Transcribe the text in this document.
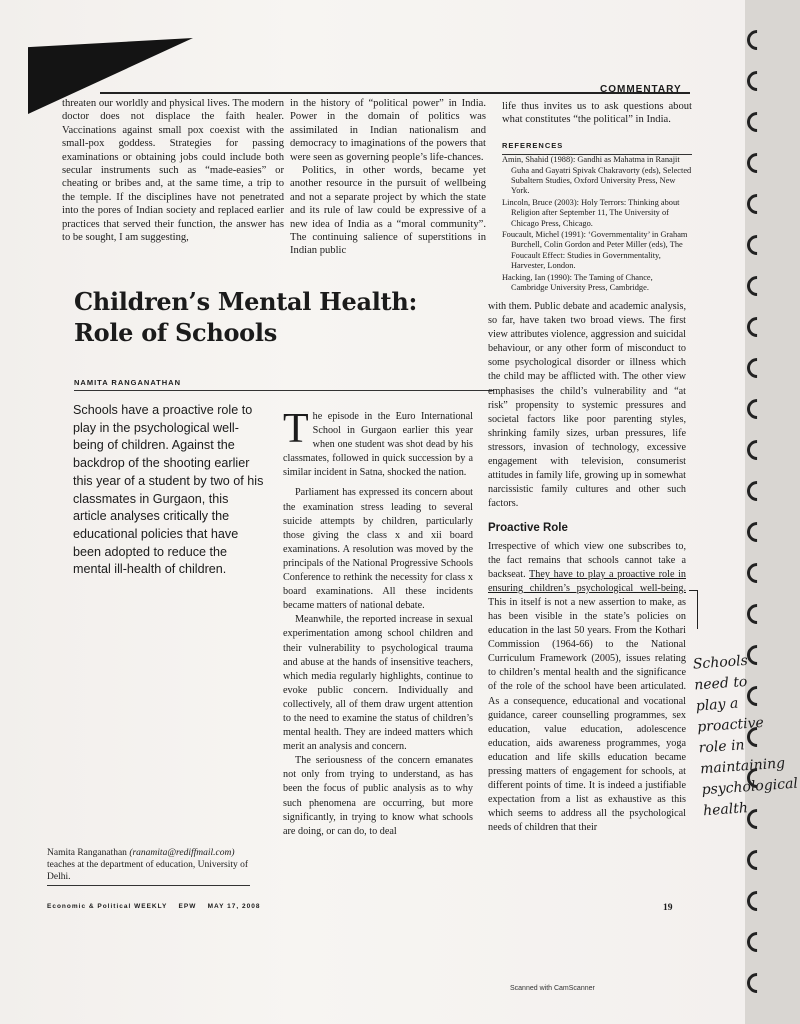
COMMENTARY

threaten our worldly and physical lives. The modern doctor does not displace the faith healer. Vaccinations against small pox coexist with the small-pox goddess. Strategies for passing examinations or obtaining jobs could include both secular instruments such as “made-easies” or cheating or bribes and, at the same time, a trip to the temple. If the disciplines have not penetrated into the pores of Indian society and replaced earlier practices that served their function, the answer has to be sought, I am suggesting,

in the history of “political power” in India. Power in the domain of politics was assimilated in Indian nationalism and democracy to imaginations of the powers that were seen as governing people’s life-chances.

Politics, in other words, became yet another resource in the pursuit of wellbeing and not a separate project by which the state and its rule of law could be expressive of a new idea of India as a “moral community”. The continuing salience of superstitions in Indian public

life thus invites us to ask questions about what constitutes “the political” in India.

REFERENCES

Amin, Shahid (1988): Gandhi as Mahatma in Ranajit Guha and Gayatri Spivak Chakravorty (eds), Selected Subaltern Studies, Oxford University Press, New York.

Lincoln, Bruce (2003): Holy Terrors: Thinking about Religion after September 11, The University of Chicago Press, Chicago.

Foucault, Michel (1991): ‘Governmentality’ in Graham Burchell, Colin Gordon and Peter Miller (eds), The Foucault Effect: Studies in Governmentality, Harvester, London.

Hacking, Ian (1990): The Taming of Chance, Cambridge University Press, Cambridge.

Children’s Mental Health:
Role of Schools
NAMITA RANGANATHAN
Schools have a proactive role to play in the psychological well-being of children. Against the backdrop of the shooting earlier this year of a student by two of his classmates in Gurgaon, this article analyses critically the educational policies that have been adopted to reduce the mental ill-health of children.

The episode in the Euro International School in Gurgaon earlier this year when one student was shot dead by his classmates, followed in quick succession by a similar incident in Satna, shocked the nation.

Parliament has expressed its concern about the examination stress leading to several suicide attempts by children, particularly those giving the class x and xii board examinations. A resolution was moved by the principals of the National Progressive Schools Conference to rethink the necessity for class x board examinations. All these incidents became matters of national debate.

Meanwhile, the reported increase in sexual experimentation among school children and their vulnerability to psychological trauma and abuse at the hands of insensitive teachers, which media regularly highlights, continue to evoke public concern. Individually and collectively, all of them draw urgent attention to the need to examine the status of children’s mental health. They are indeed matters which merit an analysis and concern.

The seriousness of the concern emanates not only from trying to understand, as has been the focus of public analysis as to why such phenomena are occurring, but more significantly, in trying to know what schools are doing, or can do, to deal

with them. Public debate and academic analysis, so far, have taken two broad views. The first view attributes violence, aggression and suicidal behaviour, or any other form of misconduct to some psychological disorder or illness which the child may be afflicted with. The other view emphasises the child’s vulnerability and “at risk” propensity to systemic pressures and societal factors like poor parenting styles, shrinking family sizes, urban pressures, life stressors, invasion of technology, excessive engagement with television, consumerist attitudes in family life, growing up in somewhat narcissistic family cultures and other such factors.

Proactive Role

Irrespective of which view one subscribes to, the fact remains that schools cannot take a backseat. They have to play a proactive role in ensuring children’s psychological well-being. This in itself is not a new assertion to make, as has been visible in the state’s policies on education in the last 50 years. From the Kothari Commission (1964-66) to the National Curriculum Framework (2005), issues relating to children’s mental health and the significance of the role of the school have been articulated. As a consequence, educational and vocational guidance, career counselling programmes, sex education, value education, adolescence education, aids awareness programmes, yoga education and life skills education became pressing matters of engagement for schools, at different points of time. It is indeed a justifiable expectation from a list as exhaustive as this which seems to address all the psychological needs of children that their

Namita Ranganathan (ranamita@rediffmail.com) teaches at the department of education, University of Delhi.
Economic & Political WEEKLY EPW MAY 17, 2008	19
Scanned with CamScanner
Schools
need to
play a
proactive
role in
maintaining
psychological
health
